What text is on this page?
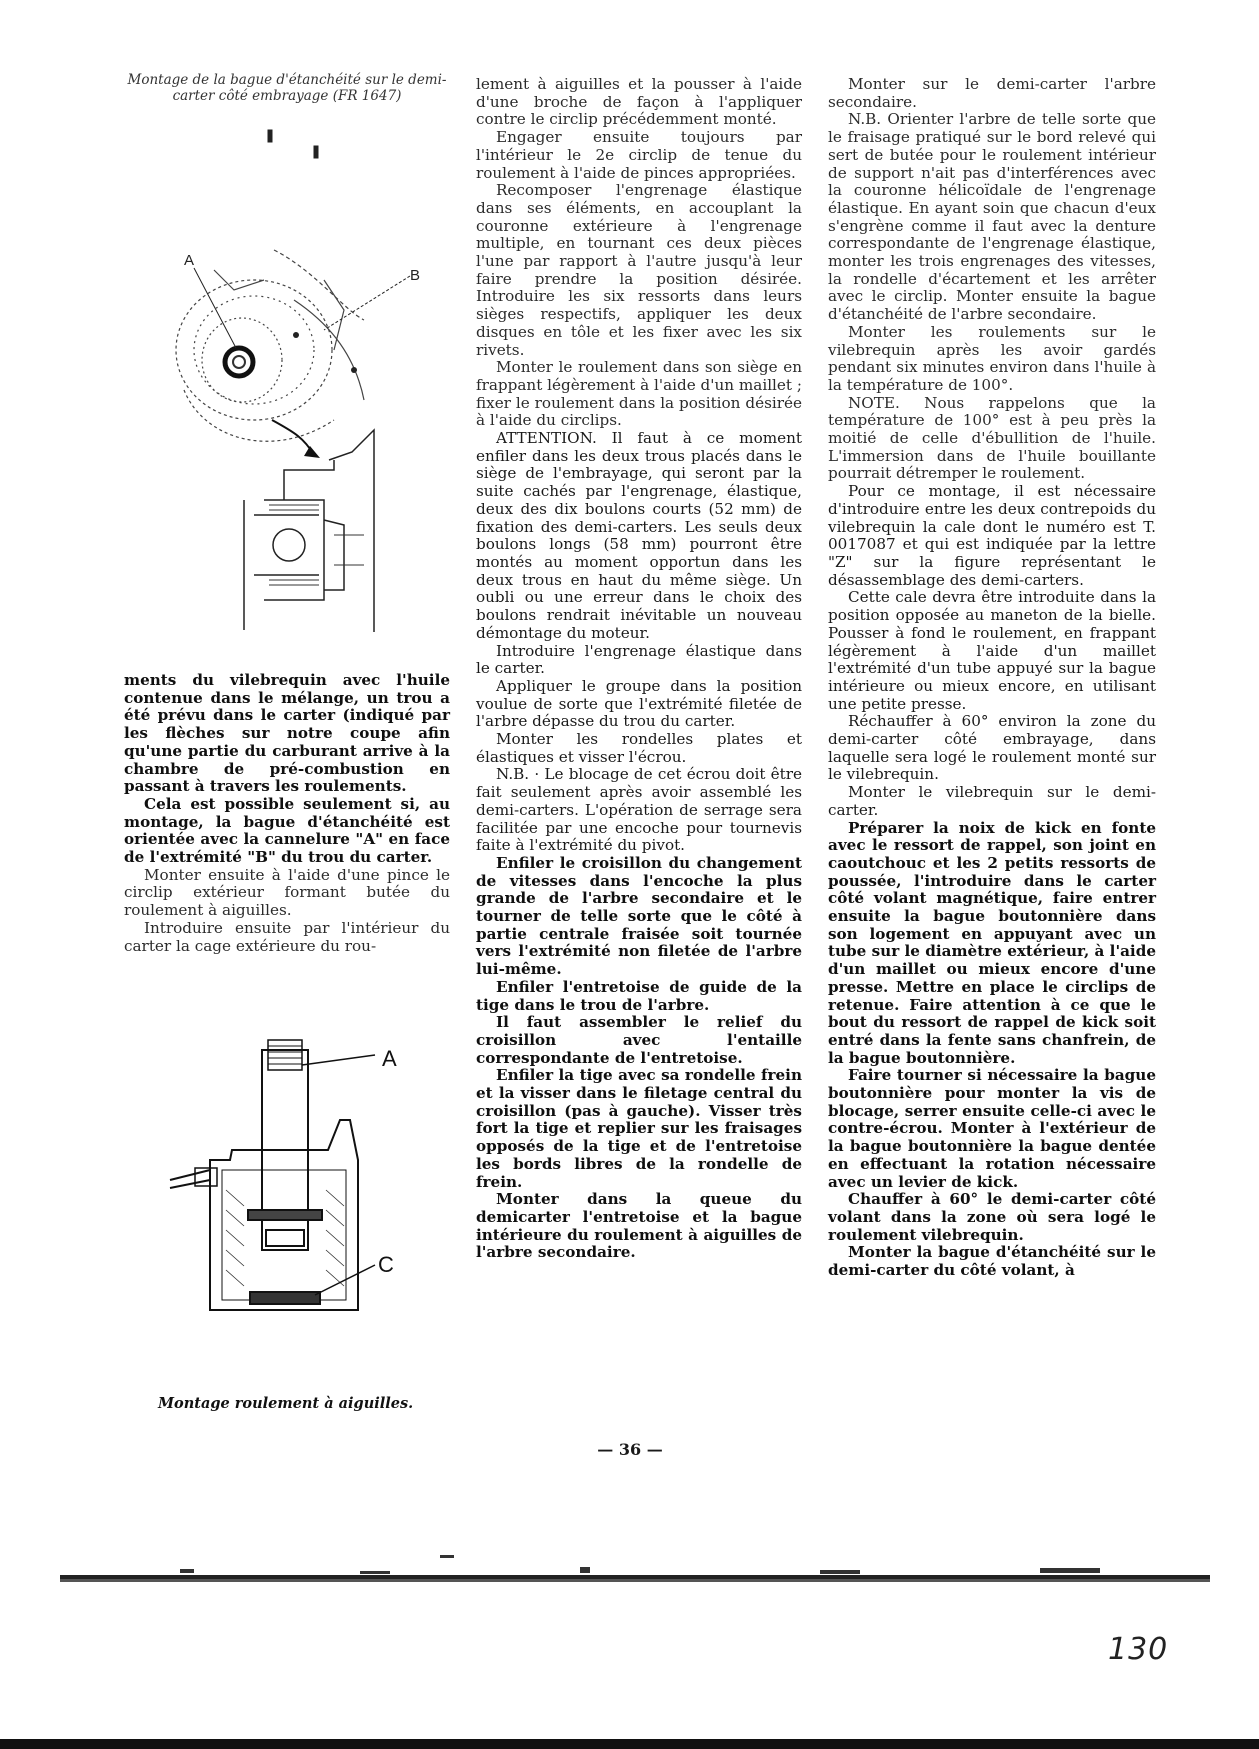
Montage de la bague d'étanchéité sur le demi-carter côté embrayage (FR 1647)
A
B

ments du vilebrequin avec l'huile contenue dans le mélange, un trou a été prévu dans le carter (indiqué par les flèches sur notre coupe afin qu'une partie du carburant arrive à la chambre de pré-combustion en passant à travers les roulements.

Cela est possible seulement si, au montage, la bague d'étanchéité est orientée avec la cannelure "A" en face de l'extrémité "B" du trou du carter.

Monter ensuite à l'aide d'une pince le circlip extérieur formant butée du roulement à aiguilles.

Introduire ensuite par l'intérieur du carter la cage extérieure du rou-

A
C
Montage roulement à aiguilles.

lement à aiguilles et la pousser à l'aide d'une broche de façon à l'appliquer contre le circlip précédemment monté.

Engager ensuite toujours par l'intérieur le 2e circlip de tenue du roulement à l'aide de pinces appropriées.

Recomposer l'engrenage élastique dans ses éléments, en accouplant la couronne extérieure à l'engrenage multiple, en tournant ces deux pièces l'une par rapport à l'autre jusqu'à leur faire prendre la position désirée. Introduire les six ressorts dans leurs sièges respectifs, appliquer les deux disques en tôle et les fixer avec les six rivets.

Monter le roulement dans son siège en frappant légèrement à l'aide d'un maillet ; fixer le roulement dans la position désirée à l'aide du circlips.

ATTENTION. Il faut à ce moment enfiler dans les deux trous placés dans le siège de l'embrayage, qui seront par la suite cachés par l'engrenage, élastique, deux des dix boulons courts (52 mm) de fixation des demi-carters. Les seuls deux boulons longs (58 mm) pourront être montés au moment opportun dans les deux trous en haut du même siège. Un oubli ou une erreur dans le choix des boulons rendrait inévitable un nouveau démontage du moteur.

Introduire l'engrenage élastique dans le carter.

Appliquer le groupe dans la position voulue de sorte que l'extrémité filetée de l'arbre dépasse du trou du carter.

Monter les rondelles plates et élastiques et visser l'écrou.

N.B. · Le blocage de cet écrou doit être fait seulement après avoir assemblé les demi-carters. L'opération de serrage sera facilitée par une encoche pour tournevis faite à l'extrémité du pivot.

Enfiler le croisillon du changement de vitesses dans l'encoche la plus grande de l'arbre secondaire et le tourner de telle sorte que le côté à partie centrale fraisée soit tournée vers l'extrémité non filetée de l'arbre lui-même.

Enfiler l'entretoise de guide de la tige dans le trou de l'arbre.

Il faut assembler le relief du croisillon avec l'entaille correspondante de l'entretoise.

Enfiler la tige avec sa rondelle frein et la visser dans le filetage central du croisillon (pas à gauche). Visser très fort la tige et replier sur les fraisages opposés de la tige et de l'entretoise les bords libres de la rondelle de frein.

Monter dans la queue du demicarter l'entretoise et la bague intérieure du roulement à aiguilles de l'arbre secondaire.

Monter sur le demi-carter l'arbre secondaire.

N.B. Orienter l'arbre de telle sorte que le fraisage pratiqué sur le bord relevé qui sert de butée pour le roulement intérieur de support n'ait pas d'interférences avec la couronne hélicoïdale de l'engrenage élastique. En ayant soin que chacun d'eux s'engrène comme il faut avec la denture correspondante de l'engrenage élastique, monter les trois engrenages des vitesses, la rondelle d'écartement et les arrêter avec le circlip. Monter ensuite la bague d'étanchéité de l'arbre secondaire.

Monter les roulements sur le vilebrequin après les avoir gardés pendant six minutes environ dans l'huile à la température de 100°.

NOTE. Nous rappelons que la température de 100° est à peu près la moitié de celle d'ébullition de l'huile. L'immersion dans de l'huile bouillante pourrait détremper le roulement.

Pour ce montage, il est nécessaire d'introduire entre les deux contrepoids du vilebrequin la cale dont le numéro est T. 0017087 et qui est indiquée par la lettre "Z" sur la figure représentant le désassemblage des demi-carters.

Cette cale devra être introduite dans la position opposée au maneton de la bielle. Pousser à fond le roulement, en frappant légèrement à l'aide d'un maillet l'extrémité d'un tube appuyé sur la bague intérieure ou mieux encore, en utilisant une petite presse.

Réchauffer à 60° environ la zone du demi-carter côté embrayage, dans laquelle sera logé le roulement monté sur le vilebrequin.

Monter le vilebrequin sur le demi-carter.

Préparer la noix de kick en fonte avec le ressort de rappel, son joint en caoutchouc et les 2 petits ressorts de poussée, l'introduire dans le carter côté volant magnétique, faire entrer ensuite la bague boutonnière dans son logement en appuyant avec un tube sur le diamètre extérieur, à l'aide d'un maillet ou mieux encore d'une presse. Mettre en place le circlips de retenue. Faire attention à ce que le bout du ressort de rappel de kick soit entré dans la fente sans chanfrein, de la bague boutonnière.

Faire tourner si nécessaire la bague boutonnière pour monter la vis de blocage, serrer ensuite celle-ci avec le contre-écrou. Monter à l'extérieur de la bague boutonnière la bague dentée en effectuant la rotation nécessaire avec un levier de kick.

Chauffer à 60° le demi-carter côté volant dans la zone où sera logé le roulement vilebrequin.

Monter la bague d'étanchéité sur le demi-carter du côté volant, à

— 36 —
130
